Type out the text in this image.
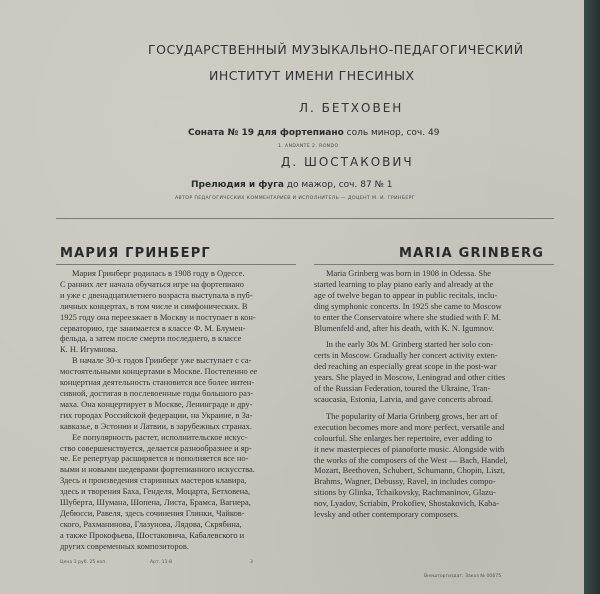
ГОСУДАРСТВЕННЫЙ МУЗЫКАЛЬНО-ПЕДАГОГИЧЕСКИЙ
ИНСТИТУТ ИМЕНИ ГНЕСИНЫХ
Л. БЕТХОВЕН
Соната № 19 для фортепиано соль минор, соч. 49
1. ANDANTE 2. RONDO
Д. ШОСТАКОВИЧ
Прелюдия и фуга до мажор, соч. 87 № 1
АВТОР ПЕДАГОГИЧЕСКИХ КОММЕНТАРИЕВ И ИСПОЛНИТЕЛЬ — ДОЦЕНТ М. И. ГРИНБЕРГ
МАРИЯ ГРИНБЕРГ	MARIA GRINBERG
Мария Гринберг родилась в 1908 году в Одессе.
С ранних лет начала обучаться игре на фортепиано
и уже с двенадцатилетнего возраста выступала в пуб-
личных концертах, в том числе и симфонических. В
1925 году она переезжает в Москву и поступает в кон-
серваторию, где занимается в классе Ф. М. Блумен-
фельда, а затем после смерти последнего, в классе
К. Н. Игумнова.
В начале 30-х годов Гринберг уже выступает с са-
мостоятельными концертами в Москве. Постепенно ее
концертная деятельность становится все более интен-
сивной, достигая в послевоенные годы большого раз-
маха. Она концертирует в Москве, Ленинграде и дру-
гих городах Российской федерации, на Украине, в За-
кавказье, в Эстонии и Латвии, в зарубежных странах.
Ее популярность растет, исполнительское искус-
ство совершенствуется, делается разнообразнее и яр-
че. Ее репертуар расширяется и пополняется все но-
выми и новыми шедеврами фортепианного искусства.
Здесь и произведения старинных мастеров клавира,
здесь и творения Баха, Генделя, Моцарта, Бетховена,
Шуберта, Шумана, Шопена, Листа, Брамса, Вагнера,
Дебюсси, Равеля, здесь сочинения Глинки, Чайков-
ского, Рахманинова, Глазунова, Лядова, Скрябина,
а также Прокофьева, Шостаковича, Кабалевского и
других современных композиторов.
Maria Grinberg was born in 1908 in Odessa. She
started learning to play piano early and already at the
age of twelve began to appear in public recitals, inclu-
ding symphonic concerts. In 1925 she came to Moscow
to enter the Conservatoire where she studied with F. M.
Blumenfeld and, after his death, with K. N. Igumnov.
In the early 30s M. Grinberg started her solo con-
certs in Moscow. Gradually her concert activity exten-
ded reaching an especially great scope in the post-war
years. She played in Moscow, Leningrad and other cities
of the Russian Federation, toured the Ukraine, Tran-
scaucasia, Estonia, Latvia, and gave concerts abroad.
The popularity of Maria Grinberg grows, her art of
execution becomes more and more perfect, versatile and
colourful. She enlarges her repertoire, ever adding to
it new masterpieces of pianoforte music. Alongside with
the works of the composers of the West — Bach, Handel,
Mozart, Beethoven, Schubert, Schumann, Chopin, Liszt,
Brahms, Wagner, Debussy, Ravel, in includes compo-
sitions by Glinka, Tchaikovsky, Rachmaninov, Glazu-
nov, Lyadov, Scriabin, Prokofiev, Shostakovich, Kaba-
levsky and other contemporary composers.
Цена 1 руб. 25 коп.	Арт. 11-8	3
Внешторгиздат. Заказ № 00675
